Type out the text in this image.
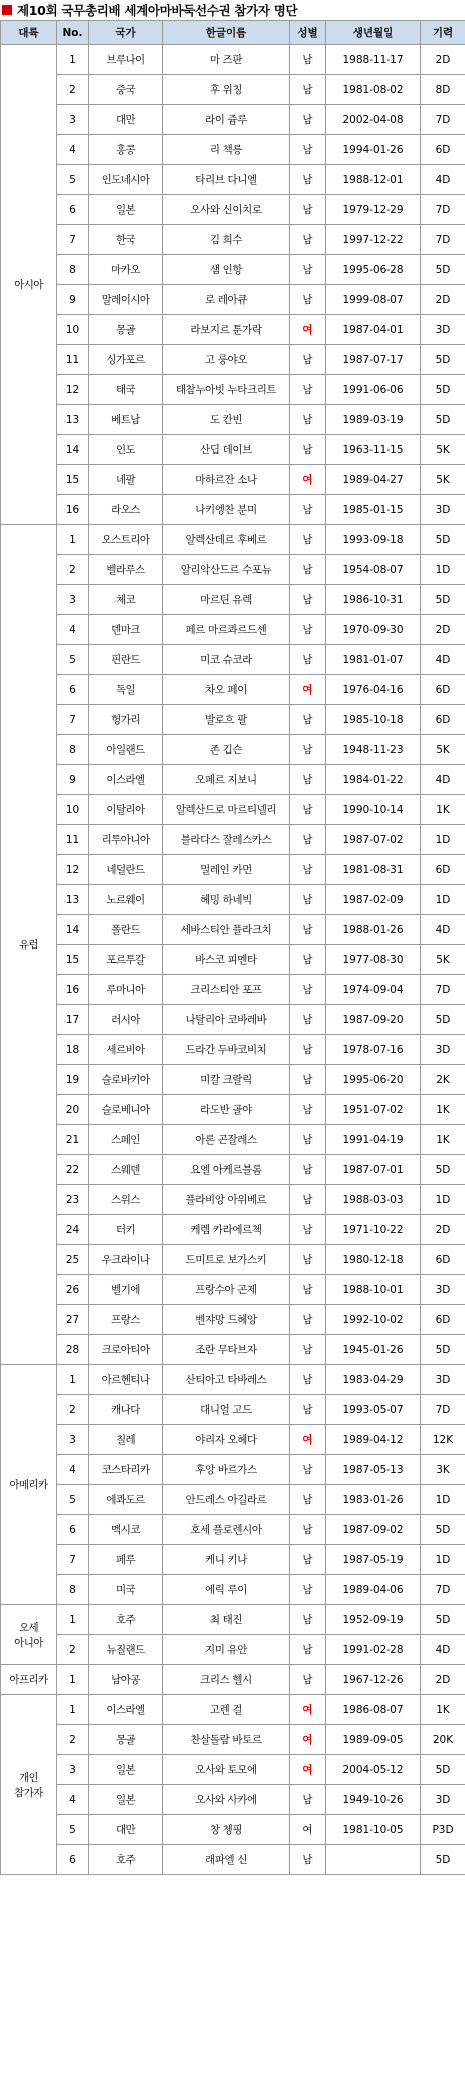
제10회 국무총리배 세계아마바둑선수권 참가자 명단
대륙	No.	국가	한글이름	성별	생년월일	기력
아시아	1	브루나이	마 즈판	남	1988-11-17	2D
	2	중국	후 위칭	남	1981-08-02	8D
	3	대만	라이 쥼루	남	2002-04-08	7D
	4	홍콩	리 책릉	남	1994-01-26	6D
	5	인도네시아	타리브 다니엘	남	1988-12-01	4D
	6	일본	오사와 신이치로	남	1979-12-29	7D
	7	한국	김 희수	남	1997-12-22	7D
	8	마카오	샘 인항	남	1995-06-28	5D
	9	말레이시아	로 레아큐	남	1999-08-07	2D
	10	몽골	라보지르 툰가락	여	1987-04-01	3D
	11	싱가포르	고 룽야오	남	1987-07-17	5D
	12	태국	태참누아빗 누타크리트	남	1991-06-06	5D
	13	베트남	도 칸빈	남	1989-03-19	5D
	14	인도	산딥 데이브	남	1963-11-15	5K
	15	네팔	마하르잔 소나	여	1989-04-27	5K
	16	라오스	나키엥찬 분미	남	1985-01-15	3D
유럽	1	오스트리아	알렉산데르 후베르	남	1993-09-18	5D
	2	벨라루스	알리악산드르 수포뉴	남	1954-08-07	1D
	3	체코	마르틴 유렉	남	1986-10-31	5D
	4	덴마크	페르 마르콰르드센	남	1970-09-30	2D
	5	핀란드	미코 슈코라	남	1981-01-07	4D
	6	독일	차오 페이	여	1976-04-16	6D
	7	헝가리	발로흐 팔	남	1985-10-18	6D
	8	아일랜드	존 깁슨	남	1948-11-23	5K
	9	이스라엘	오페르 지보니	남	1984-01-22	4D
	10	이탈리아	알렉산드로 마르티넬리	남	1990-10-14	1K
	11	리투아니아	블라다스 잘레스카스	남	1987-07-02	1D
	12	네덜란드	멀레인 카먼	남	1981-08-31	6D
	13	노르웨이	헤밍 하네빅	남	1987-02-09	1D
	14	폴란드	세바스티안 플라크치	남	1988-01-26	4D
	15	포르투갈	바스코 피멘타	남	1977-08-30	5K
	16	루마니아	크리스티안 포프	남	1974-09-04	7D
	17	러시아	나탈리아 코바레바	남	1987-09-20	5D
	18	세르비아	드라간 두바코비치	남	1978-07-16	3D
	19	슬로바키아	미칼 크랄릭	남	1995-06-20	2K
	20	슬로베니아	라도반 골야	남	1951-07-02	1K
	21	스페인	아론 곤잘레스	남	1991-04-19	1K
	22	스웨덴	요엘 아케르블롬	남	1987-07-01	5D
	23	스위스	플라비앙 아위베르	남	1988-03-03	1D
	24	터키	케렘 카라에르첵	남	1971-10-22	2D
	25	우크라이나	드미트로 보가스키	남	1980-12-18	6D
	26	벨기에	프랑수아 곤제	남	1988-10-01	3D
	27	프랑스	벤쟈망 드헤앙	남	1992-10-02	6D
	28	크로아티아	조란 무타브자	남	1945-01-26	5D
아메리카	1	아르헨티나	산티아고 타바레스	남	1983-04-29	3D
	2	캐나다	대니얼 고드	남	1993-05-07	7D
	3	칠레	야리자 오헤다	여	1989-04-12	12K
	4	코스타리카	후앙 바르가스	남	1987-05-13	3K
	5	에콰도르	안드레스 아길라르	남	1983-01-26	1D
	6	멕시코	호세 플로렌시아	남	1987-09-02	5D
	7	페루	케니 키나	남	1987-05-19	1D
	8	미국	에릭 루이	남	1989-04-06	7D
오세
아니아	1	호주	최 태진	남	1952-09-19	5D
	2	뉴질랜드	지미 유안	남	1991-02-28	4D
아프리카	1	남아공	크리스 헬시	남	1967-12-26	2D
개인
참가자	1	이스라엘	고렌 걸	여	1986-08-07	1K
	2	몽골	찬살돌람 바토르	여	1989-09-05	20K
	3	일본	오사와 토모에	여	2004-05-12	5D
	4	일본	오사와 사카에	남	1949-10-26	3D
	5	대만	창 쳉핑	여	1981-10-05	P3D
	6	호주	래파엘 신	남		5D
